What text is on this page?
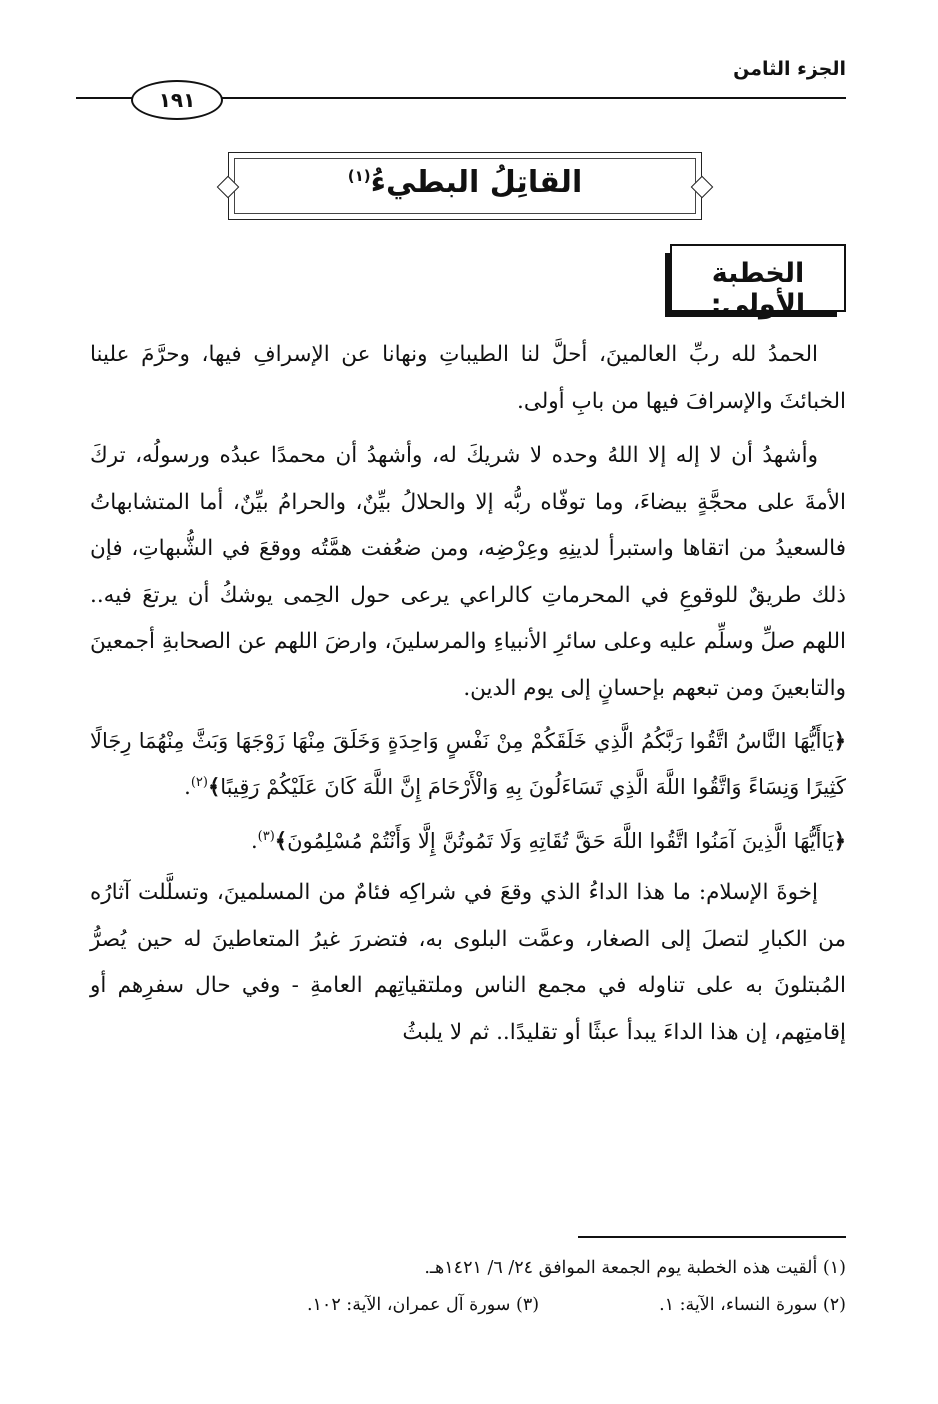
الجزء الثامن
١٩١
القاتِلُ البطيءُ$^{(١)}$
الخطبة الأولى:

الحمدُ لله ربِّ العالمينَ، أحلَّ لنا الطيباتِ ونهانا عن الإسرافِ فيها، وحرَّمَ علينا الخبائثَ والإسرافَ فيها من بابِ أولى.

وأشهدُ أن لا إله إلا اللهُ وحده لا شريكَ له، وأشهدُ أن محمدًا عبدُه ورسولُه، تركَ الأمةَ على محجَّةٍ بيضاءَ، وما توفّاه ربُّه إلا والحلالُ بيِّنٌ، والحرامُ بيِّنٌ، أما المتشابهاتُ فالسعيدُ من اتقاها واستبرأ لدينِهِ وعِرْضِه، ومن ضعُفت همَّتُه ووقعَ في الشُّبهاتِ، فإن ذلك طريقٌ للوقوعِ في المحرماتِ كالراعي يرعى حول الحِمى يوشكُ أن يرتعَ فيه.. اللهم صلِّ وسلِّم عليه وعلى سائرِ الأنبياءِ والمرسلينَ، وارضَ اللهم عن الصحابةِ أجمعينَ والتابعينَ ومن تبعهم بإحسانٍ إلى يوم الدين.

﴿يَاأَيُّهَا النَّاسُ اتَّقُوا رَبَّكُمُ الَّذِي خَلَقَكُمْ مِنْ نَفْسٍ وَاحِدَةٍ وَخَلَقَ مِنْهَا زَوْجَهَا وَبَثَّ مِنْهُمَا رِجَالًا كَثِيرًا وَنِسَاءً وَاتَّقُوا اللَّهَ الَّذِي تَسَاءَلُونَ بِهِ وَالْأَرْحَامَ إِنَّ اللَّهَ كَانَ عَلَيْكُمْ رَقِيبًا﴾$^{(٢)}$.

﴿يَاأَيُّهَا الَّذِينَ آمَنُوا اتَّقُوا اللَّهَ حَقَّ تُقَاتِهِ وَلَا تَمُوتُنَّ إِلَّا وَأَنْتُمْ مُسْلِمُونَ﴾$^{(٣)}$.

إخوةَ الإسلام: ما هذا الداءُ الذي وقعَ في شراكِه فئامٌ من المسلمينَ، وتسلَّلت آثارُه من الكبارِ لتصلَ إلى الصغار، وعمَّت البلوى به، فتضررَ غيرُ المتعاطينَ له حين يُصرُّ المُبتلونَ به على تناوله في مجمع الناس وملتقياتِهم العامةِ - وفي حال سفرِهم أو إقامتِهم، إن هذا الداءَ يبدأ عبثًا أو تقليدًا.. ثم لا يلبثُ

(١) ألقيت هذه الخطبة يوم الجمعة الموافق ٢٤/ ٦/ ١٤٢١هـ.
(٢) سورة النساء، الآية: ١.
(٣) سورة آل عمران، الآية: ١٠٢.
